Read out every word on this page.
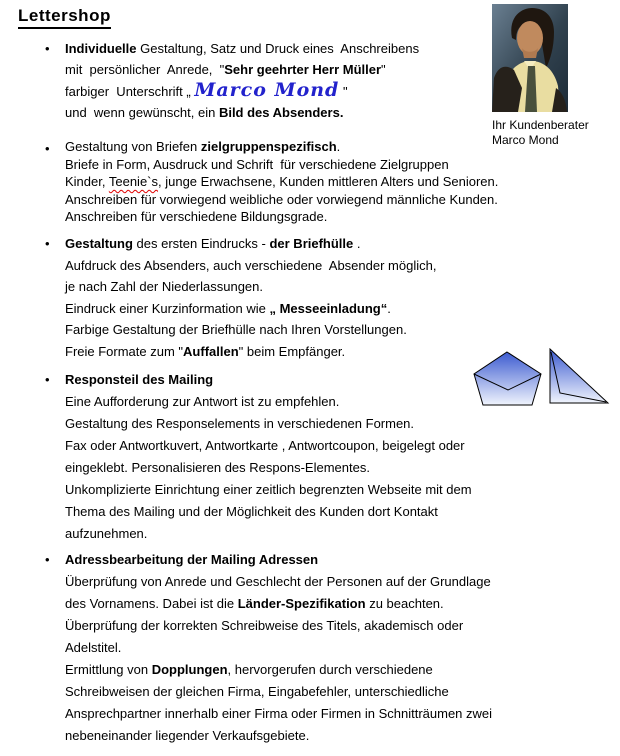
Lettershop
Ihr Kundenberater
Marco Mond
•	Individuelle Gestaltung, Satz und Druck eines  Anschreibens
mit  persönlicher  Anrede,  "Sehr geehrter Herr Müller"
farbiger  Unterschrift „ Marco Mond "
und  wenn gewünscht, ein Bild des Absenders.
•	Gestaltung von Briefen zielgruppenspezifisch.
Briefe in Form, Ausdruck und Schrift  für verschiedene Zielgruppen
Kinder, Teenie`s, junge Erwachsene, Kunden mittleren Alters und Senioren.
Anschreiben für vorwiegend weibliche oder vorwiegend männliche Kunden.
Anschreiben für verschiedene Bildungsgrade.
•	Gestaltung des ersten Eindrucks - der Briefhülle .
Aufdruck des Absenders, auch verschiedene  Absender möglich,
je nach Zahl der Niederlassungen.
Eindruck einer Kurzinformation wie „ Messeeinladung“.
Farbige Gestaltung der Briefhülle nach Ihren Vorstellungen.
Freie Formate zum "Auffallen" beim Empfänger.
•	Responsteil des Mailing
Eine Aufforderung zur Antwort ist zu empfehlen.
Gestaltung des Responselements in verschiedenen Formen.
Fax oder Antwortkuvert, Antwortkarte , Antwortcoupon, beigelegt oder
eingeklebt. Personalisieren des Respons-Elementes.
Unkomplizierte Einrichtung einer zeitlich begrenzten Webseite mit dem
Thema des Mailing und der Möglichkeit des Kunden dort Kontakt
aufzunehmen.
•	Adressbearbeitung der Mailing Adressen
Überprüfung von Anrede und Geschlecht der Personen auf der Grundlage
des Vornamens. Dabei ist die Länder-Spezifikation zu beachten.
Überprüfung der korrekten Schreibweise des Titels, akademisch oder
Adelstitel.
Ermittlung von Dopplungen, hervorgerufen durch verschiedene
Schreibweisen der gleichen Firma, Eingabefehler, unterschiedliche
Ansprechpartner innerhalb einer Firma oder Firmen in Schnitträumen zwei
nebeneinander liegender Verkaufsgebiete.
